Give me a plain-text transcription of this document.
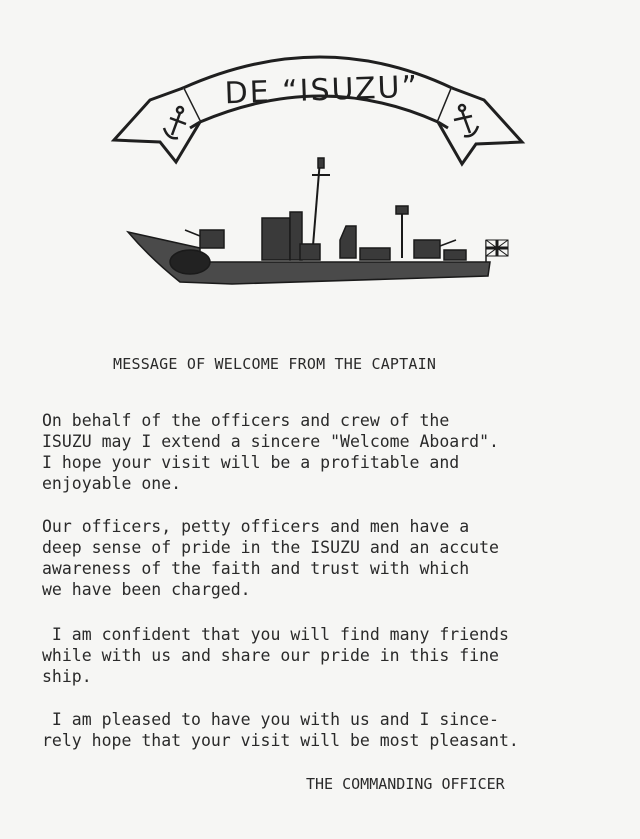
DE “ISUZU”
MESSAGE OF WELCOME FROM THE CAPTAIN

On behalf of the officers and crew of the
ISUZU may I extend a sincere "Welcome Aboard".
I hope your visit will be a profitable and
enjoyable one.

Our officers, petty officers and men have a
deep sense of pride in the ISUZU and an accute
awareness of the faith and trust with which
we have been charged.

I am confident that you will find many friends
while with us and share our pride in this fine
ship.

I am pleased to have you with us and I since-
rely hope that your visit will be most pleasant.

THE COMMANDING OFFICER
